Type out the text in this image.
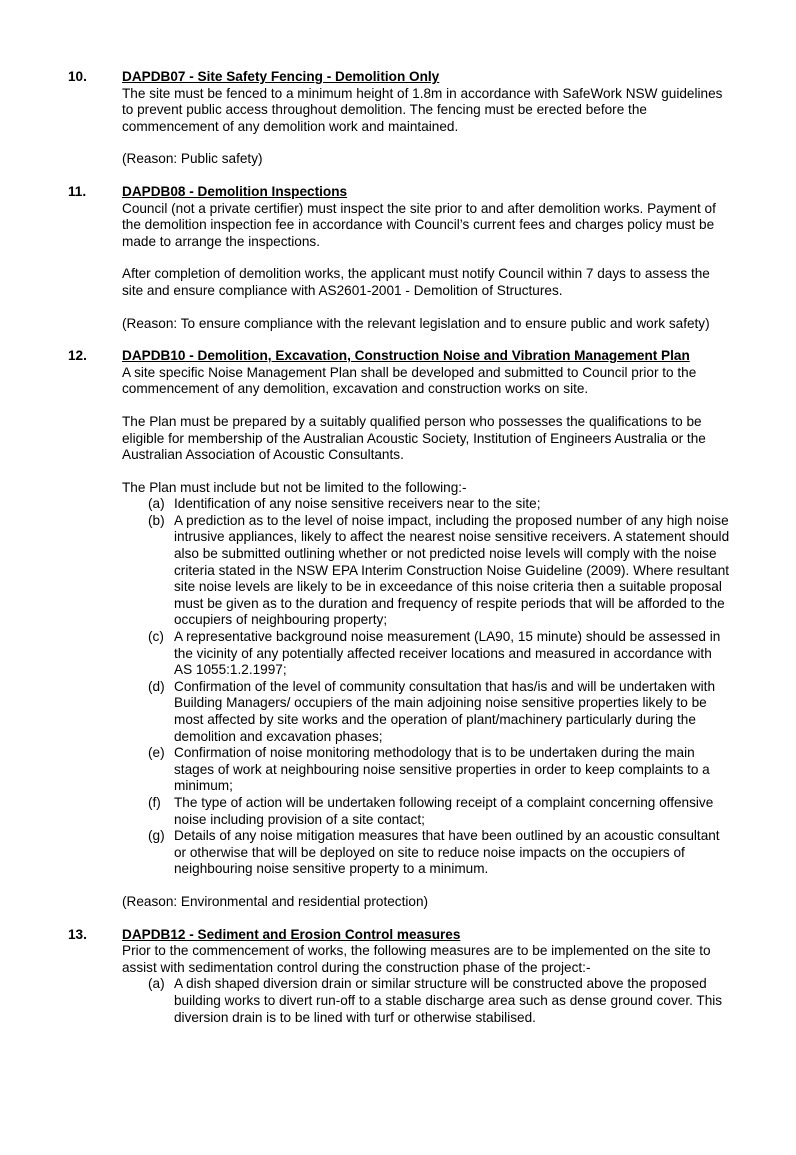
10.	DAPDB07 - Site Safety Fencing - Demolition Only

The site must be fenced to a minimum height of 1.8m in accordance with SafeWork NSW guidelines to prevent public access throughout demolition. The fencing must be erected before the commencement of any demolition work and maintained.

(Reason: Public safety)

11.	DAPDB08 - Demolition Inspections

Council (not a private certifier) must inspect the site prior to and after demolition works. Payment of the demolition inspection fee in accordance with Council’s current fees and charges policy must be made to arrange the inspections.

After completion of demolition works, the applicant must notify Council within 7 days to assess the site and ensure compliance with AS2601-2001 - Demolition of Structures.

(Reason: To ensure compliance with the relevant legislation and to ensure public and work safety)

12.	DAPDB10 - Demolition, Excavation, Construction Noise and Vibration Management Plan

A site specific Noise Management Plan shall be developed and submitted to Council prior to the commencement of any demolition, excavation and construction works on site.

The Plan must be prepared by a suitably qualified person who possesses the qualifications to be eligible for membership of the Australian Acoustic Society, Institution of Engineers Australia or the Australian Association of Acoustic Consultants.

The Plan must include but not be limited to the following:-

(a) Identification of any noise sensitive receivers near to the site;
(b) A prediction as to the level of noise impact, including the proposed number of any high noise intrusive appliances, likely to affect the nearest noise sensitive receivers. A statement should also be submitted outlining whether or not predicted noise levels will comply with the noise criteria stated in the NSW EPA Interim Construction Noise Guideline (2009). Where resultant site noise levels are likely to be in exceedance of this noise criteria then a suitable proposal must be given as to the duration and frequency of respite periods that will be afforded to the occupiers of neighbouring property;
(c) A representative background noise measurement (LA90, 15 minute) should be assessed in the vicinity of any potentially affected receiver locations and measured in accordance with AS 1055:1.2.1997;
(d) Confirmation of the level of community consultation that has/is and will be undertaken with Building Managers/ occupiers of the main adjoining noise sensitive properties likely to be most affected by site works and the operation of plant/machinery particularly during the demolition and excavation phases;
(e) Confirmation of noise monitoring methodology that is to be undertaken during the main stages of work at neighbouring noise sensitive properties in order to keep complaints to a minimum;
(f) The type of action will be undertaken following receipt of a complaint concerning offensive noise including provision of a site contact;
(g) Details of any noise mitigation measures that have been outlined by an acoustic consultant or otherwise that will be deployed on site to reduce noise impacts on the occupiers of neighbouring noise sensitive property to a minimum.

(Reason: Environmental and residential protection)

13.	DAPDB12 - Sediment and Erosion Control measures

Prior to the commencement of works, the following measures are to be implemented on the site to assist with sedimentation control during the construction phase of the project:-

(a) A dish shaped diversion drain or similar structure will be constructed above the proposed building works to divert run-off to a stable discharge area such as dense ground cover. This diversion drain is to be lined with turf or otherwise stabilised.
